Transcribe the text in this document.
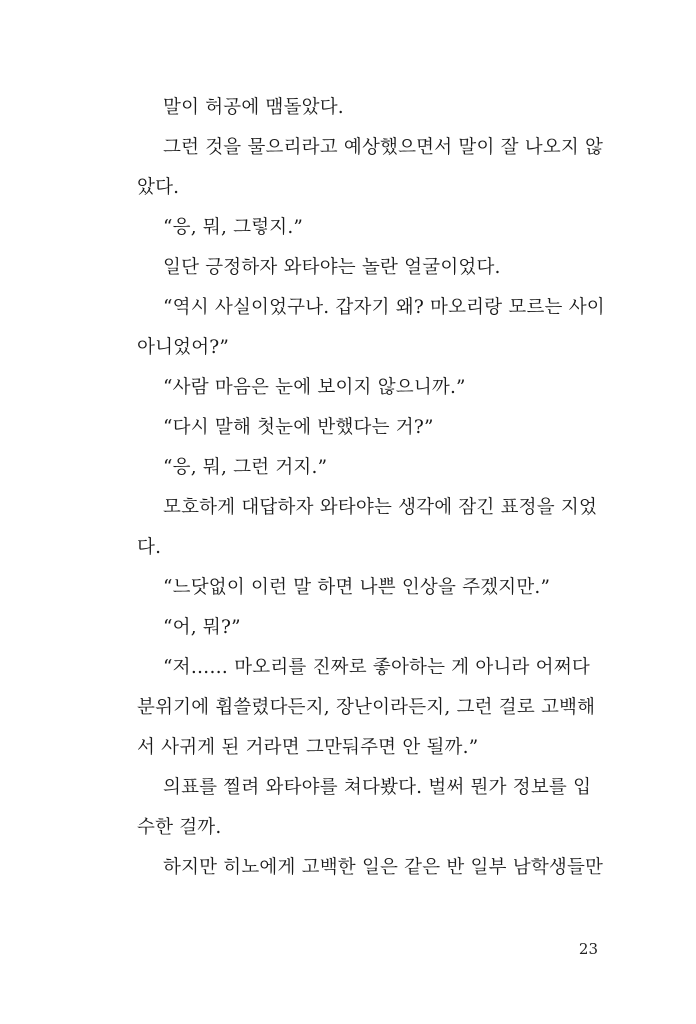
말이 허공에 맴돌았다.
그런 것을 물으리라고 예상했으면서 말이 잘 나오지 않
았다.
“응, 뭐, 그렇지.”
일단 긍정하자 와타야는 놀란 얼굴이었다.
“역시 사실이었구나. 갑자기 왜? 마오리랑 모르는 사이
아니었어?”
“사람 마음은 눈에 보이지 않으니까.”
“다시 말해 첫눈에 반했다는 거?”
“응, 뭐, 그런 거지.”
모호하게 대답하자 와타야는 생각에 잠긴 표정을 지었
다.
“느닷없이 이런 말 하면 나쁜 인상을 주겠지만.”
“어, 뭐?”
“저…… 마오리를 진짜로 좋아하는 게 아니라 어쩌다
분위기에 휩쓸렸다든지, 장난이라든지, 그런 걸로 고백해
서 사귀게 된 거라면 그만둬주면 안 될까.”
의표를 찔려 와타야를 쳐다봤다. 벌써 뭔가 정보를 입
수한 걸까.
하지만 히노에게 고백한 일은 같은 반 일부 남학생들만
23
